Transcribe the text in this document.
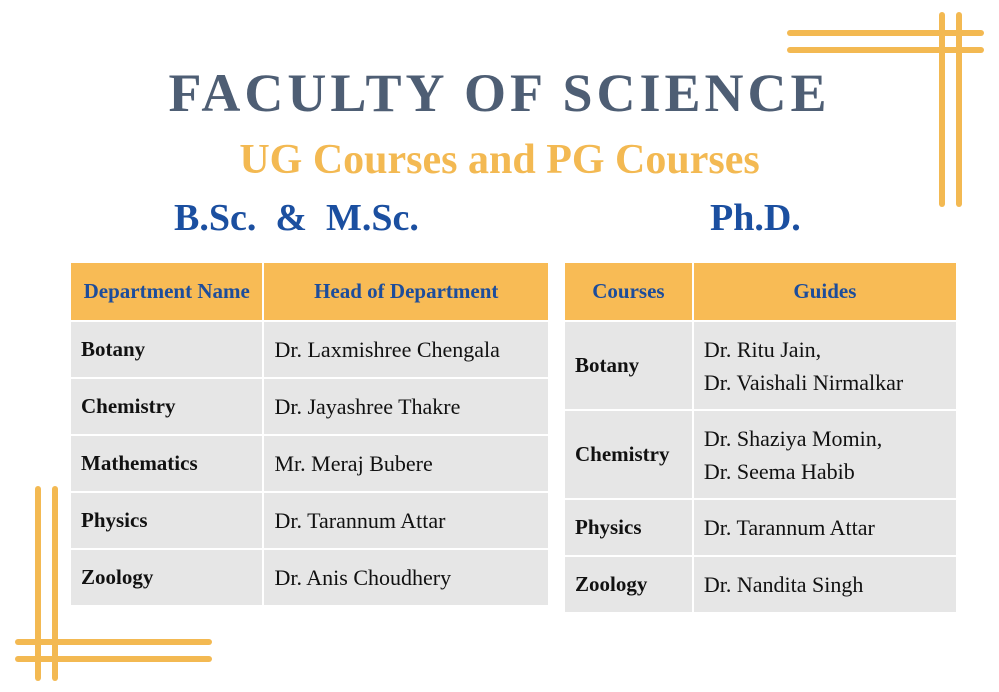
FACULTY OF SCIENCE
UG Courses and PG Courses
B.Sc.  &  M.Sc.	Ph.D.
Department Name	Head of Department
Botany	Dr. Laxmishree Chengala
Chemistry	Dr. Jayashree Thakre
Mathematics	Mr. Meraj Bubere
Physics	Dr. Tarannum Attar
Zoology	Dr. Anis Choudhery
Courses	Guides
Botany	Dr. Ritu Jain,
Dr. Vaishali Nirmalkar

Chemistry	Dr. Shaziya Momin,
Dr. Seema Habib

Physics	Dr. Tarannum Attar

Zoology	Dr. Nandita Singh
